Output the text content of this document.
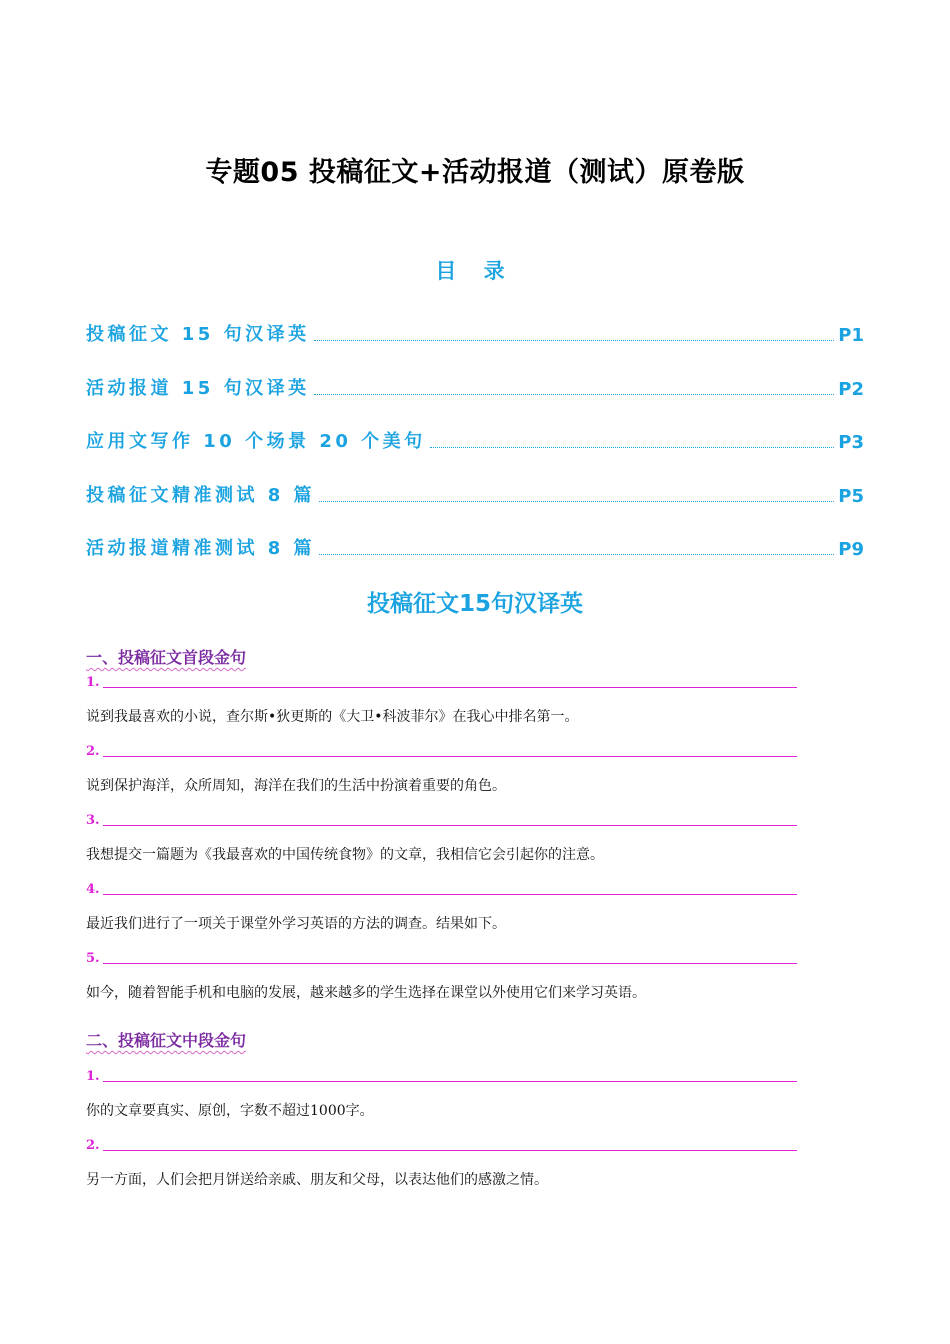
专题05 投稿征文+活动报道（测试）原卷版
目 录
投稿征文 15 句汉译英	P1
活动报道 15 句汉译英	P2
应用文写作 10 个场景 20 个美句	P3
投稿征文精准测试 8 篇	P5
活动报道精准测试 8 篇	P9
投稿征文15句汉译英
一、投稿征文首段金句
1.

说到我最喜欢的小说，查尔斯•狄更斯的《大卫•科波菲尔》在我心中排名第一。

2.

说到保护海洋，众所周知，海洋在我们的生活中扮演着重要的角色。

3.

我想提交一篇题为《我最喜欢的中国传统食物》的文章，我相信它会引起你的注意。

4.

最近我们进行了一项关于课堂外学习英语的方法的调查。结果如下。

5.

如今，随着智能手机和电脑的发展，越来越多的学生选择在课堂以外使用它们来学习英语。

二、投稿征文中段金句
1.

你的文章要真实、原创，字数不超过1000字。

2.

另一方面，人们会把月饼送给亲戚、朋友和父母，以表达他们的感激之情。
